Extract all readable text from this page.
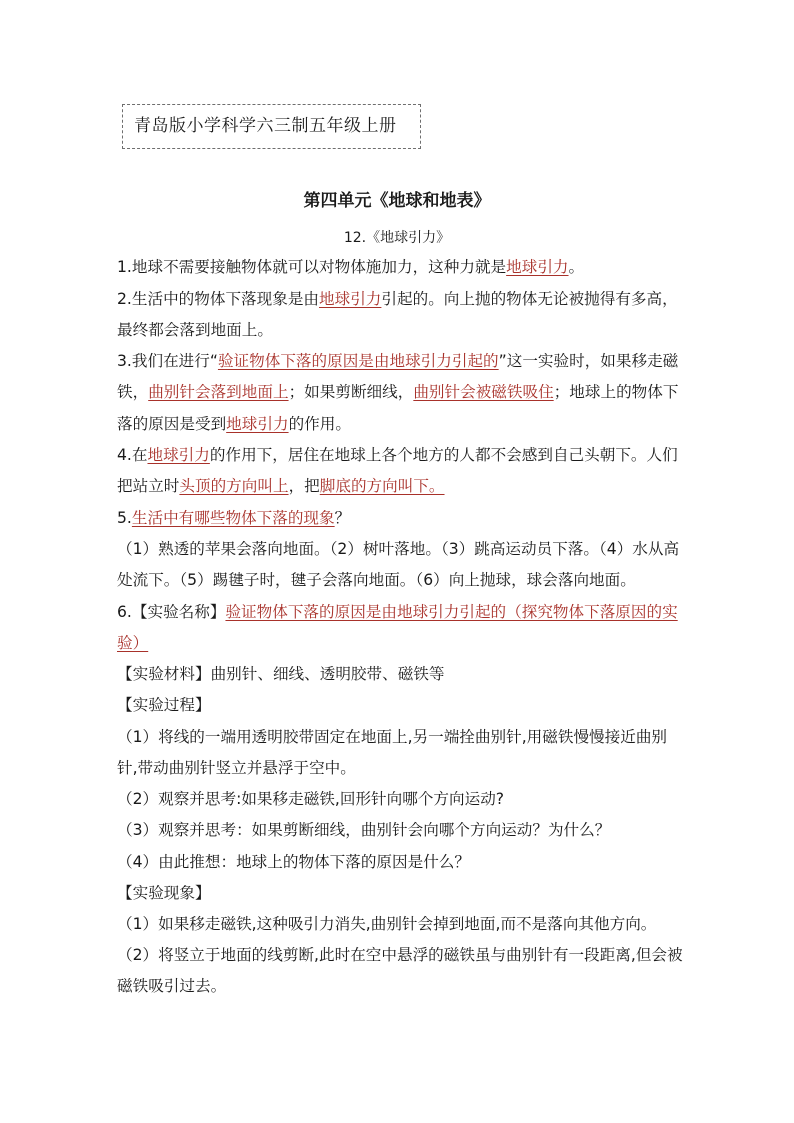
青岛版小学科学六三制五年级上册
第四单元《地球和地表》
12.《地球引力》

1.地球不需要接触物体就可以对物体施加力，这种力就是地球引力。

2.生活中的物体下落现象是由地球引力引起的。向上抛的物体无论被抛得有多高，最终都会落到地面上。

3.我们在进行“验证物体下落的原因是由地球引力引起的”这一实验时，如果移走磁铁，曲别针会落到地面上；如果剪断细线，曲别针会被磁铁吸住；地球上的物体下落的原因是受到地球引力的作用。

4.在地球引力的作用下，居住在地球上各个地方的人都不会感到自己头朝下。人们把站立时头顶的方向叫上，把脚底的方向叫下。

5.生活中有哪些物体下落的现象？

（1）熟透的苹果会落向地面。（2）树叶落地。（3）跳高运动员下落。（4）水从高处流下。（5）踢毽子时，毽子会落向地面。（6）向上抛球，球会落向地面。

6.【实验名称】验证物体下落的原因是由地球引力引起的（探究物体下落原因的实验）

【实验材料】曲别针、细线、透明胶带、磁铁等

【实验过程】

（1）将线的一端用透明胶带固定在地面上,另一端拴曲别针,用磁铁慢慢接近曲别针,带动曲别针竖立并悬浮于空中。

（2）观察并思考:如果移走磁铁,回形针向哪个方向运动?

（3）观察并思考：如果剪断细线，曲别针会向哪个方向运动？为什么？

（4）由此推想：地球上的物体下落的原因是什么？

【实验现象】

（1）如果移走磁铁,这种吸引力消失,曲别针会掉到地面,而不是落向其他方向。

（2）将竖立于地面的线剪断,此时在空中悬浮的磁铁虽与曲别针有一段距离,但会被磁铁吸引过去。
